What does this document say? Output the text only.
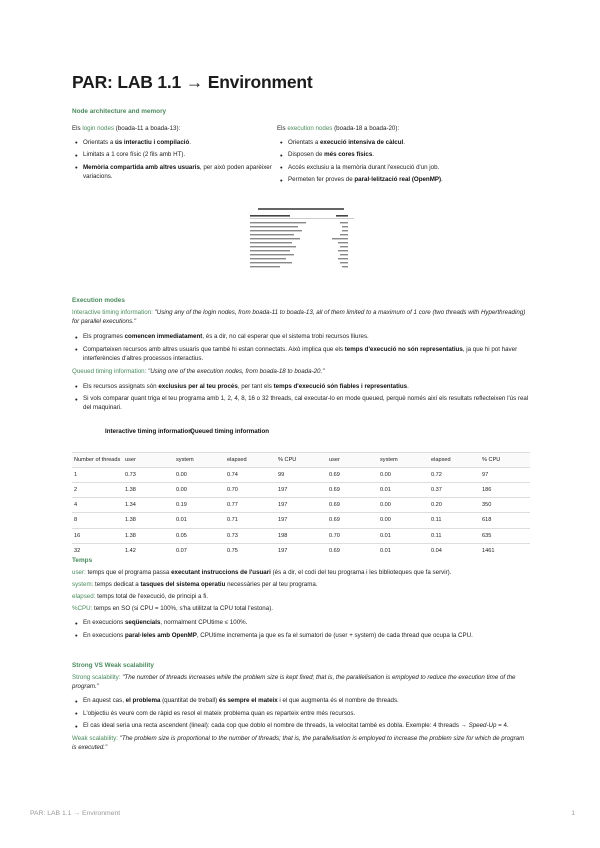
PAR: LAB 1.1 → Environment
Node architecture and memory
Els login nodes (boada-11 a boada-13):
• Orientats a ús interactiu i compilació.
• Limitats a 1 core físic (2 fils amb HT).
• Memòria compartida amb altres usuaris, per això poden aparèixer variacions.
Els execution nodes (boada-18 a boada-20):
• Orientats a execució intensiva de càlcul.
• Disposen de més cores físics.
• Accés exclusiu a la memòria durant l'execució d'un job.
• Permeten fer proves de paral·lelització real (OpenMP).
Execution modes
Interactive timing information: "Using any of the login nodes, from boada-11 to boada-13, all of them limited to a maximum of 1 core (two threads with Hyperthreading) for parallel executions."
• Els programes comencen immediatament, és a dir, no cal esperar que el sistema trobi recursos lliures.
• Comparteixen recursos amb altres usuaris que també hi estan connectats. Això implica que els temps d'execució no són representatius, ja que hi pot haver interferències d'altres processos interactius.
Queued timing information: "Using one of the execution nodes, from boada-18 to boada-20."
• Els recursos assignats són exclusius per al teu procés, per tant els temps d'execució són fiables i representatius.
• Si vols comparar quant triga el teu programa amb 1, 2, 4, 8, 16 o 32 threads, cal executar-lo en mode queued, perquè només així els resultats reflecteixen l'ús real del maquinari.
Interactive timing information
Queued timing information
Number of threads	user	system	elapsed	% CPU	user	system	elapsed	% CPU
1	0.73	0.00	0.74	99	0.69	0.00	0.72	97
2	1.38	0.00	0.70	197	0.69	0.01	0.37	186
4	1.34	0.19	0.77	197	0.69	0.00	0.20	350
8	1.38	0.01	0.71	197	0.69	0.00	0.11	618
16	1.38	0.05	0.73	198	0.70	0.01	0.11	635
32	1.42	0.07	0.75	197	0.69	0.01	0.04	1461
Temps
user: temps que el programa passa executant instruccions de l'usuari (és a dir, el codi del teu programa i les biblioteques que fa servir).
system: temps dedicat a tasques del sistema operatiu necessàries per al teu programa.
elapsed: temps total de l'execució, de principi a fi.
%CPU: temps en SO (si CPU = 100%, s'ha utilitzat la CPU total l'estona).
• En execucions seqüencials, normalment CPUtime ≤ 100%.
• En execucions paral·leles amb OpenMP, CPUtime incrementa ja que es fa el sumatori de (user + system) de cada thread que ocupa la CPU.
Strong VS Weak scalability
Strong scalability: "The number of threads increases while the problem size is kept fixed; that is, the parallelisation is employed to reduce the execution time of the program."
• En aquest cas, el problema (quantitat de treball) és sempre el mateix i el que augmenta és el nombre de threads.
• L'objectiu és veure com de ràpid es resol el mateix problema quan es reparteix entre més recursos.
• El cas ideal seria una recta ascendent (lineal): cada cop que doblo el nombre de threads, la velocitat també es dobla. Exemple: 4 threads → Speed-Up = 4.
Weak scalability: "The problem size is proportional to the number of threads; that is, the parallelisation is employed to increase the problem size for which de program is executed."
PAR: LAB 1.1 → Environment	1
